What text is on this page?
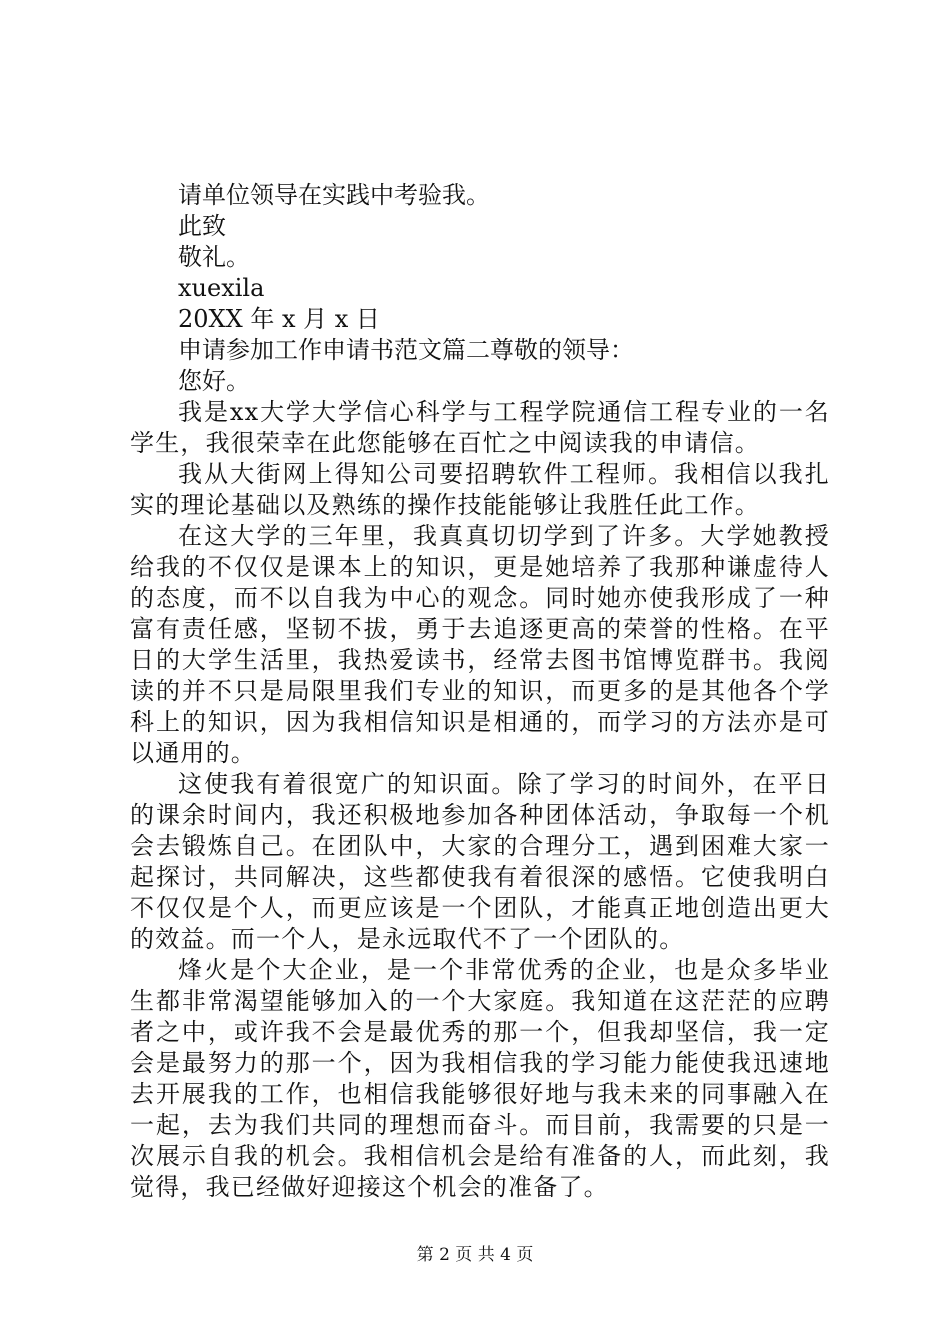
请单位领导在实践中考验我。
此致
敬礼。
xuexila
20XX 年 x 月 x 日
申请参加工作申请书范文篇二尊敬的领导：
您好。

我是xx大学大学信心科学与工程学院通信工程专业的一名学生，我很荣幸在此您能够在百忙之中阅读我的申请信。

我从大街网上得知公司要招聘软件工程师。我相信以我扎实的理论基础以及熟练的操作技能能够让我胜任此工作。

在这大学的三年里，我真真切切学到了许多。大学她教授给我的不仅仅是课本上的知识，更是她培养了我那种谦虚待人的态度，而不以自我为中心的观念。同时她亦使我形成了一种富有责任感，坚韧不拔，勇于去追逐更高的荣誉的性格。在平日的大学生活里，我热爱读书，经常去图书馆博览群书。我阅读的并不只是局限里我们专业的知识，而更多的是其他各个学科上的知识，因为我相信知识是相通的，而学习的方法亦是可以通用的。

这使我有着很宽广的知识面。除了学习的时间外，在平日的课余时间内，我还积极地参加各种团体活动，争取每一个机会去锻炼自己。在团队中，大家的合理分工，遇到困难大家一起探讨，共同解决，这些都使我有着很深的感悟。它使我明白不仅仅是个人，而更应该是一个团队，才能真正地创造出更大的效益。而一个人，是永远取代不了一个团队的。

烽火是个大企业，是一个非常优秀的企业，也是众多毕业生都非常渴望能够加入的一个大家庭。我知道在这茫茫的应聘者之中，或许我不会是最优秀的那一个，但我却坚信，我一定会是最努力的那一个，因为我相信我的学习能力能使我迅速地去开展我的工作，也相信我能够很好地与我未来的同事融入在一起，去为我们共同的理想而奋斗。而目前，我需要的只是一次展示自我的机会。我相信机会是给有准备的人，而此刻，我觉得，我已经做好迎接这个机会的准备了。

第 2 页 共 4 页
